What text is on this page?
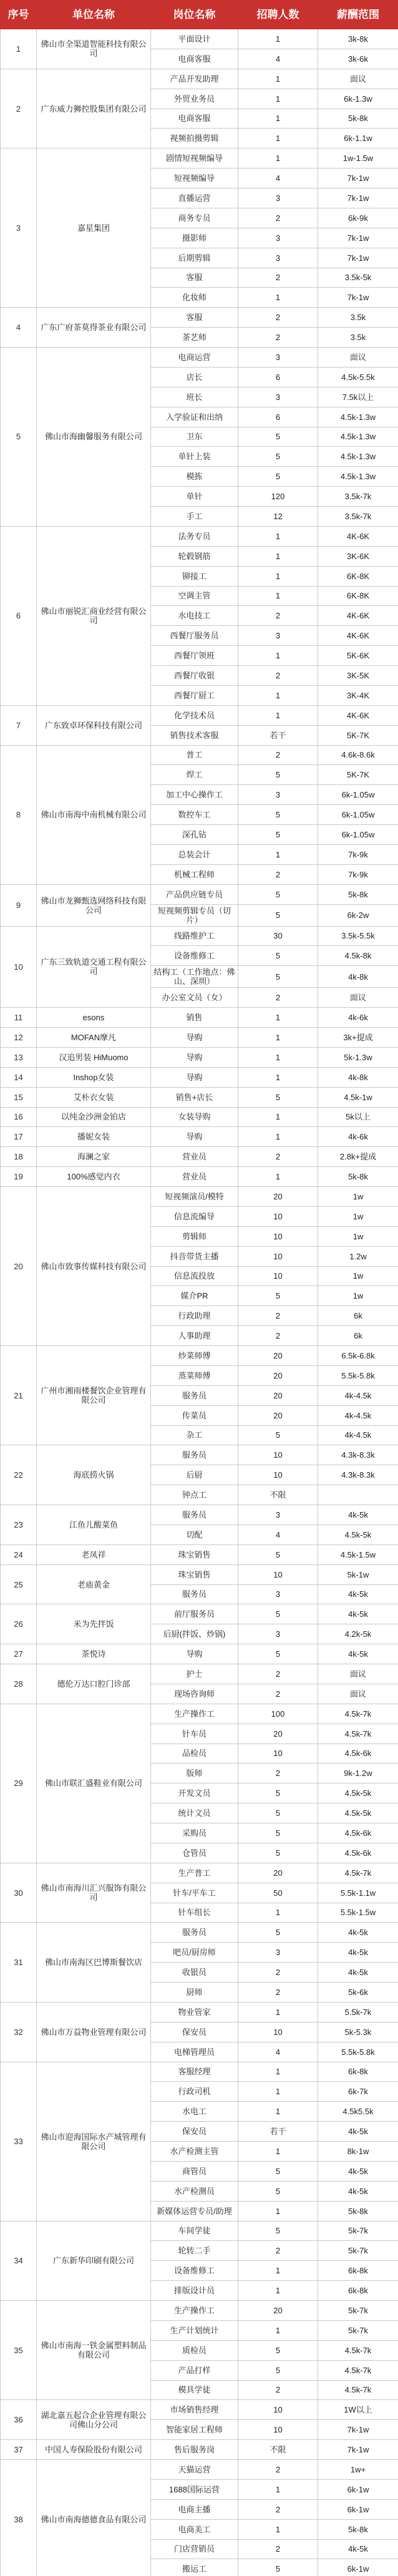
序号	单位名称	岗位名称	招聘人数	薪酬范围
1	佛山市全渠道智能科技有限公司	平面设计	1	3k-8k
		电商客服	4	3k-6k
2	广东威力狮控股集团有限公司	产品开发助理	1	面议
		外贸业务员	1	6k-1.3w
		电商客服	1	5k-8k
		视频拍摄剪辑	1	6k-1.1w
3	嘉星集团	剧情短视频编导	1	1w-1.5w
		短视频编导	4	7k-1w
		直播运营	3	7k-1w
		商务专员	2	6k-9k
		摄影师	3	7k-1w
		后期剪辑	3	7k-1w
		客服	2	3.5k-5k
		化妆师	1	7k-1w
4	广东广府茶莫得茶业有限公司	客服	2	3.5k
		茶艺师	2	3.5k
5	佛山市海幽馨服务有限公司	电商运营	3	面议
		店长	6	4.5k-5.5k
		班长	3	7.5k以上
		入学验证和出纳	6	4.5k-1.3w
		卫东	5	4.5k-1.3w
		单针上装	5	4.5k-1.3w
		模拣	5	4.5k-1.3w
		单针	120	3.5k-7k
		手工	12	3.5k-7k
6	佛山市丽锐汇商业经营有限公司	法务专员	1	4K-6K
		轮毂钢筋	1	3K-6K
		铆接工	1	6K-8K
		空调主管	1	6K-8K
		水电技工	2	4K-6K
		西餐厅服务员	3	4K-6K
		西餐厅领班	1	5K-6K
		西餐厅收银	2	3K-5K
		西餐厅厨工	1	3K-4K
7	广东致卓环保科技有限公司	化学技术员	1	4K-6K
		销售技术客服	若干	5K-7K
8	佛山市南海中南机械有限公司	普工	2	4.6k-8.6k
		焊工	5	5K-7K
		加工中心操作工	3	6k-1.05w
		数控车工	5	6k-1.05w
		深孔钻	5	6k-1.05w
		总装会计	1	7k-9k
		机械工程师	2	7k-9k
9	佛山市龙狮甄选网络科技有限公司	产品供应链专员	5	5k-8k
		短视频剪辑专员（切片）	5	6k-2w
10	广东三致轨道交通工程有限公司	线路维护工	30	3.5k-5.5k
		设备维修工	5	4.5k-8k
		结构工（工作地点：佛山、深圳）	5	4k-8k
		办公室文员（女）	2	面议
11	esons	销售	1	4k-6k
12	MOFAN摩凡	导购	1	3k+提成
13	汉追男装 HiMuomo	导购	1	5k-1.3w
14	Inshop女装	导购	1	4k-8k
15	艾朴衣女装	销售+店长	5	4.5k-1w
16	以纯金沙洲金铂店	女装导购	1	5k以上
17	播妮女装	导购	1	4k-6k
18	海澜之家	营业员	2	2.8k+提成
19	100%感觉内衣	营业员	1	5k-8k
20	佛山市致事传媒科技有限公司	短视频演员/模特	20	1w
		信息流编导	10	1w
		剪辑师	10	1w
		抖音带货主播	10	1.2w
		信息流投放	10	1w
		媒介PR	5	1w
		行政助理	2	6k
		人事助理	2	6k
21	广州市湘雨楼餐饮企业管理有限公司	炒菜师傅	20	6.5k-6.8k
		蒸菜师傅	20	5.5k-5.8k
		服务员	20	4k-4.5k
		传菜员	20	4k-4.5k
		杂工	5	4k-4.5k
22	海底捞火锅	服务员	10	4.3k-8.3k
		后厨	10	4.3k-8.3k
		钟点工	不限	
23	江鱼儿酸菜鱼	服务员	3	4k-5k
		切配	4	4.5k-5k
24	老凤祥	珠宝销售	5	4.5k-1.5w
25	老庙黄金	珠宝销售	10	5k-1w
		服务员	3	4k-5k
26	米为先拌饭	前厅服务员	5	4k-5k
		后厨(拌饭、炒锅)	3	4.2k-5k
27	茶悦诗	导购	5	4k-5k
28	德伦万达口腔门诊部	护士	2	面议
		现场咨询师	2	面议
29	佛山市联汇盛鞋业有限公司	生产操作工	100	4.5k-7k
		针车员	20	4.5k-7k
		品检员	10	4.5k-6k
		版师	2	9k-1.2w
		开发文员	5	4.5k-5k
		统计文员	5	4.5k-5k
		采购员	5	4.5k-6k
		仓管员	5	4.5k-6k
30	佛山市南海川汇兴服饰有限公司	生产普工	20	4.5k-7k
		针车/平车工	50	5.5k-1.1w
		针车组长	1	5.5k-1.5w
31	佛山市南海区巴博斯餐饮店	服务员	5	4k-5k
		吧员/厨房师	3	4k-5k
		收银员	2	4k-5k
		厨师	2	5k-6k
32	佛山市万益物业管理有限公司	物业管家	1	5.5k-7k
		保安员	10	5k-5.3k
		电梯管理员	4	5.5k-5.8k
33	佛山市迎海国际水产城管理有限公司	客服经理	1	6k-8k
		行政司机	1	6k-7k
		水电工	1	4.5k5.5k
		保安员	若干	4k-5k
		水产检测主管	1	8k-1w
		商管员	5	4k-5k
		水产检测员	5	4k-5k
		新媒体运营专员/助理	1	5k-8k
34	广东新华印刷有限公司	车间学徒	5	5k-7k
		轮转二手	2	5k-7k
		设备维修工	1	6k-8k
		排版设计员	1	6k-8k
35	佛山市南海一铁金属塑料制品有限公司	生产操作工	20	5k-7k
		生产计划统计	1	5k-7k
		质检员	5	4.5k-7k
		产品打样	5	4.5k-7k
		模具学徒	2	4.5k-7k
36	湖北嘉五起合企业管理有限公司佛山分公司	市场销售经理	10	1W以上
		智能家居工程师	10	7k-1w
37	中国人寿保险股份有限公司	售后服务岗	不限	7k-1w
38	佛山市南海德德食品有限公司	天猫运营	2	1w+
		1688国际运营	1	6k-1w
		电商主播	2	6k-1w
		电商美工	1	5k-8k
		门店营销员	2	4k-5k
		搬运工	5	6k-1w
